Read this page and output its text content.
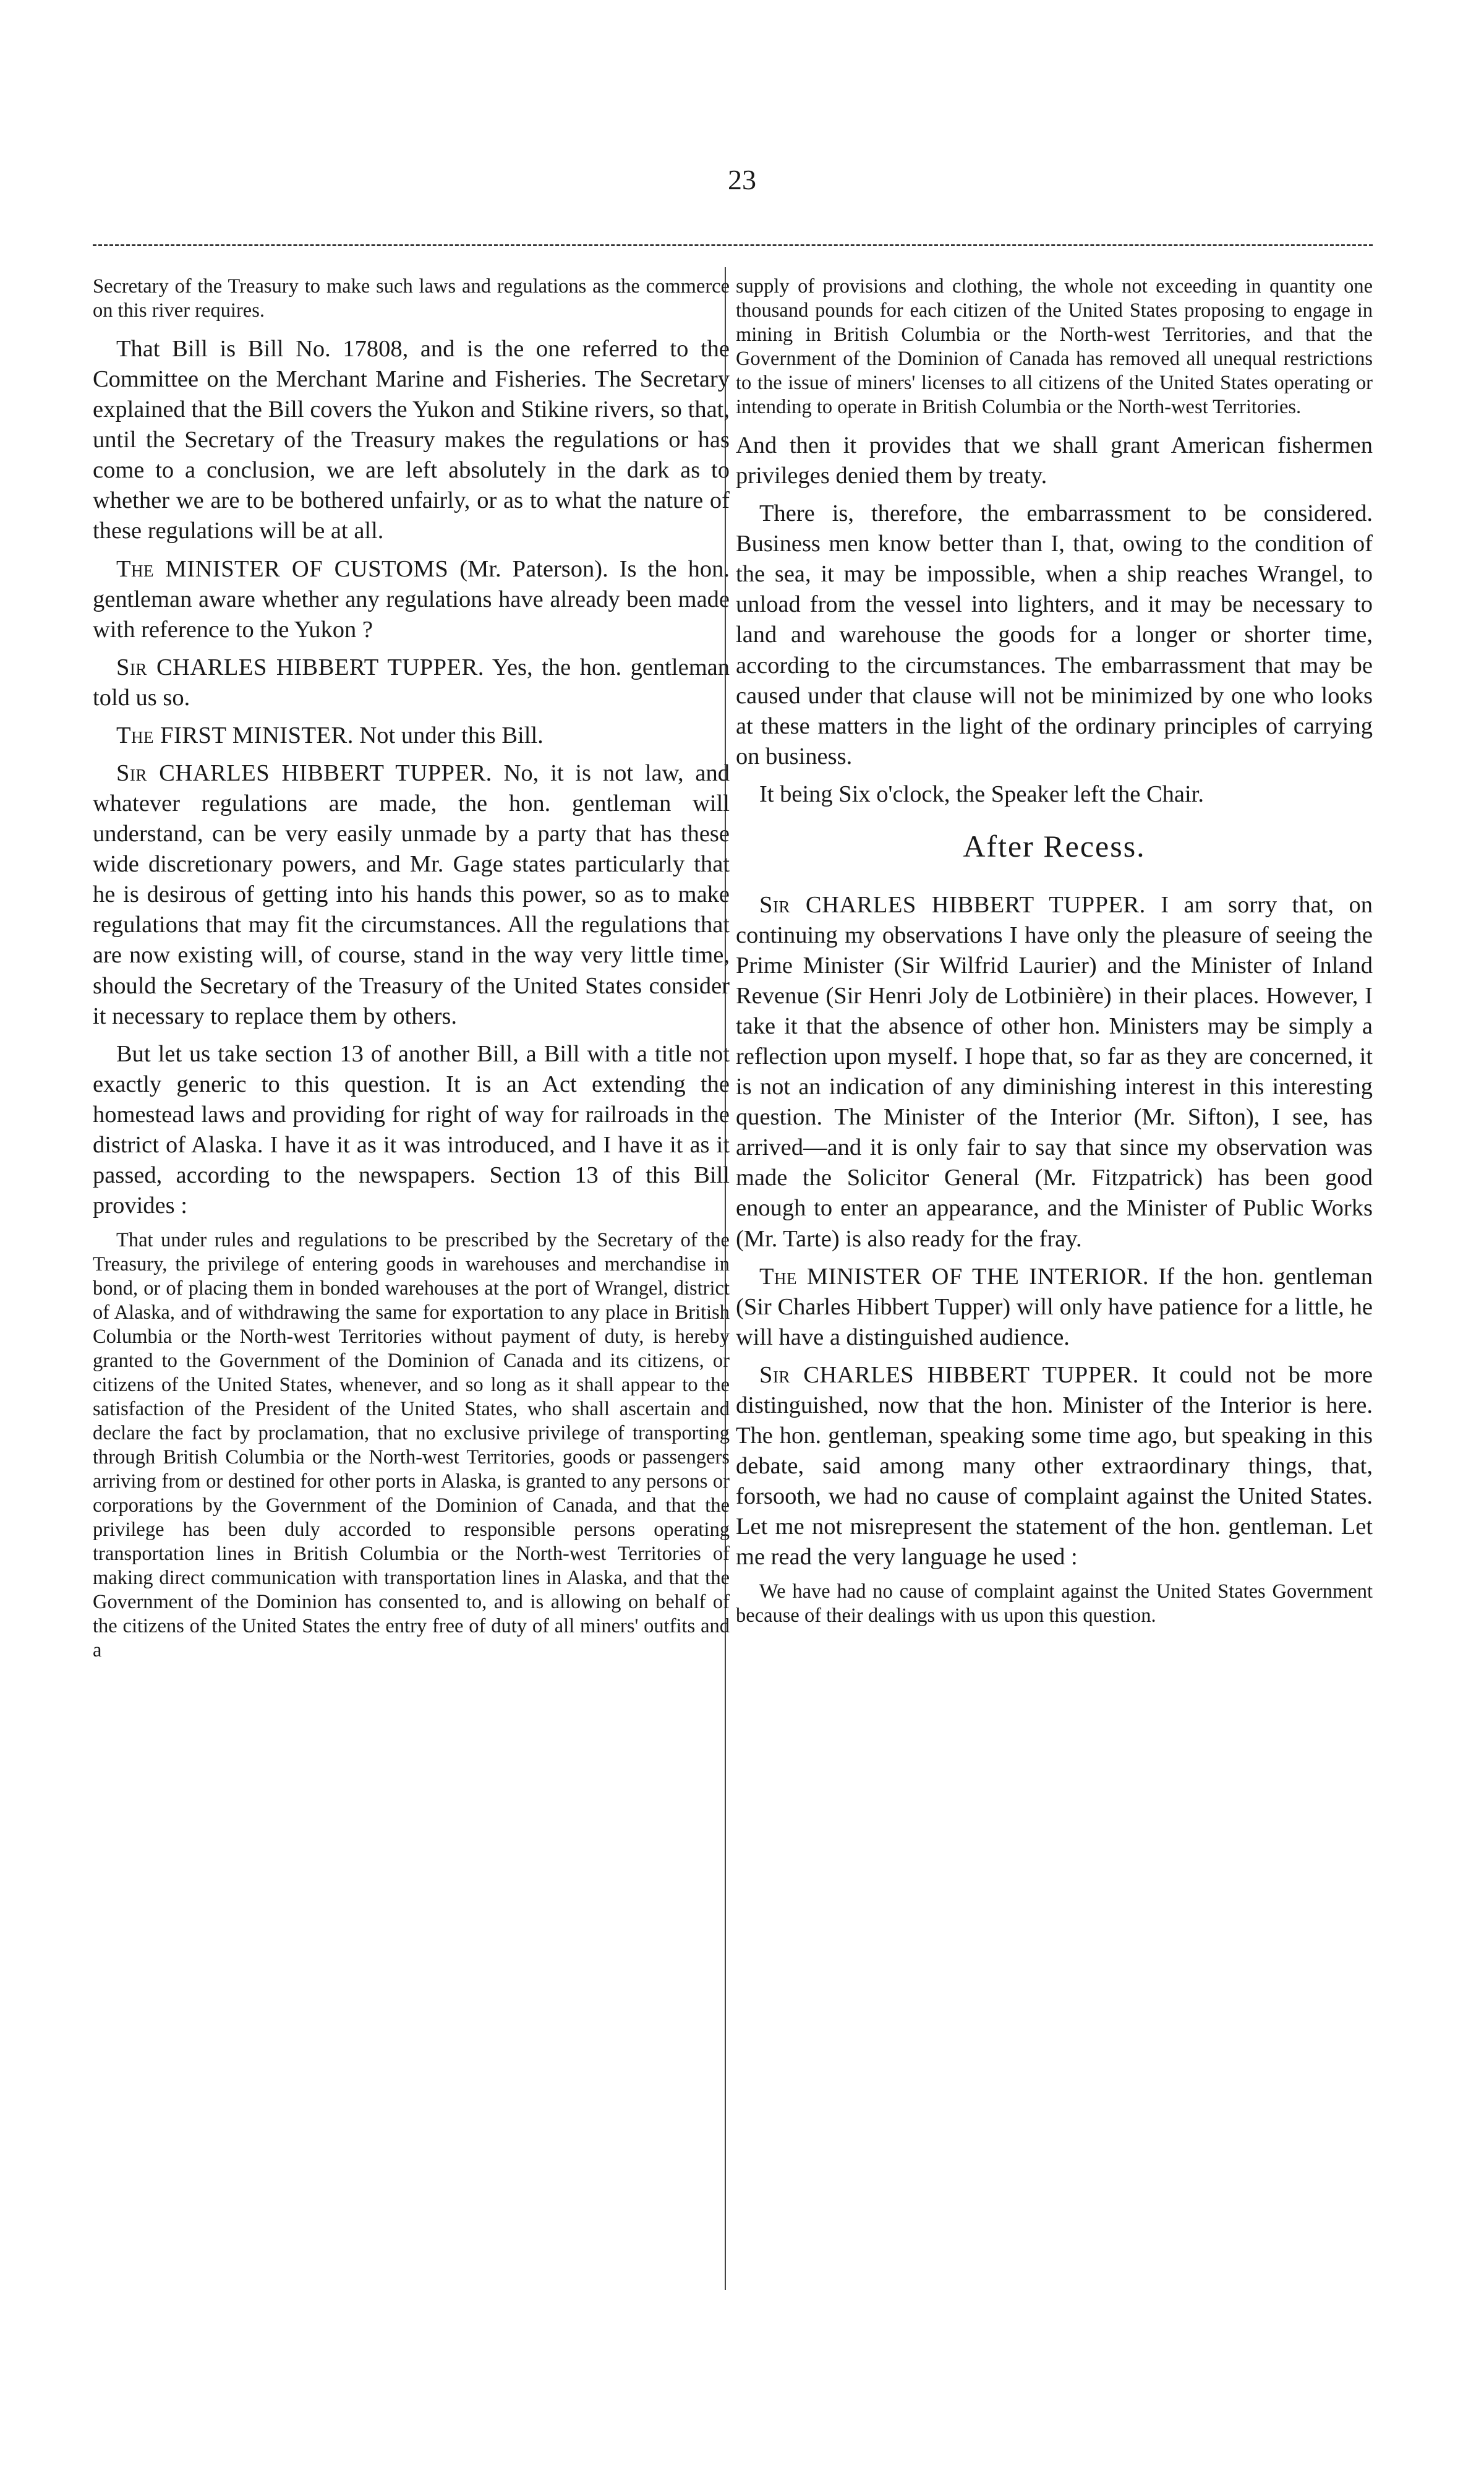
23
Secretary of the Treasury to make such laws and regulations as the commerce on this river requires.

That Bill is Bill No. 17808, and is the one referred to the Committee on the Merchant Marine and Fisheries. The Secretary explained that the Bill covers the Yukon and Stikine rivers, so that, until the Secretary of the Treasury makes the regulations or has come to a conclusion, we are left absolutely in the dark as to whether we are to be bothered unfairly, or as to what the nature of these regulations will be at all.

The MINISTER OF CUSTOMS (Mr. Paterson). Is the hon. gentleman aware whether any regulations have already been made with reference to the Yukon ?

Sir CHARLES HIBBERT TUPPER. Yes, the hon. gentleman told us so.

The FIRST MINISTER. Not under this Bill.

Sir CHARLES HIBBERT TUPPER. No, it is not law, and whatever regulations are made, the hon. gentleman will understand, can be very easily unmade by a party that has these wide discretionary powers, and Mr. Gage states particularly that he is desirous of getting into his hands this power, so as to make regulations that may fit the circumstances. All the regulations that are now existing will, of course, stand in the way very little time, should the Secretary of the Treasury of the United States consider it necessary to replace them by others.

But let us take section 13 of another Bill, a Bill with a title not exactly generic to this question. It is an Act extending the homestead laws and providing for right of way for railroads in the district of Alaska. I have it as it was introduced, and I have it as it passed, according to the newspapers. Section 13 of this Bill provides :

That under rules and regulations to be prescribed by the Secretary of the Treasury, the privilege of entering goods in warehouses and merchandise in bond, or of placing them in bonded warehouses at the port of Wrangel, district of Alaska, and of withdrawing the same for exportation to any place in British Columbia or the North-west Territories without payment of duty, is hereby granted to the Government of the Dominion of Canada and its citizens, or citizens of the United States, whenever, and so long as it shall appear to the satisfaction of the President of the United States, who shall ascertain and declare the fact by proclamation, that no exclusive privilege of transporting through British Columbia or the North-west Territories, goods or passengers arriving from or destined for other ports in Alaska, is granted to any persons or corporations by the Government of the Dominion of Canada, and that the privilege has been duly accorded to responsible persons operating transportation lines in British Columbia or the North-west Territories of making direct communication with transportation lines in Alaska, and that the Government of the Dominion has consented to, and is allowing on behalf of the citizens of the United States the entry free of duty of all miners' outfits and a
supply of provisions and clothing, the whole not exceeding in quantity one thousand pounds for each citizen of the United States proposing to engage in mining in British Columbia or the North-west Territories, and that the Government of the Dominion of Canada has removed all unequal restrictions to the issue of miners' licenses to all citizens of the United States operating or intending to operate in British Columbia or the North-west Territories.

And then it provides that we shall grant American fishermen privileges denied them by treaty.

There is, therefore, the embarrassment to be considered. Business men know better than I, that, owing to the condition of the sea, it may be impossible, when a ship reaches Wrangel, to unload from the vessel into lighters, and it may be necessary to land and warehouse the goods for a longer or shorter time, according to the circumstances. The embarrassment that may be caused under that clause will not be minimized by one who looks at these matters in the light of the ordinary principles of carrying on business.

It being Six o'clock, the Speaker left the Chair.

After Recess.

Sir CHARLES HIBBERT TUPPER. I am sorry that, on continuing my observations I have only the pleasure of seeing the Prime Minister (Sir Wilfrid Laurier) and the Minister of Inland Revenue (Sir Henri Joly de Lotbinière) in their places. However, I take it that the absence of other hon. Ministers may be simply a reflection upon myself. I hope that, so far as they are concerned, it is not an indication of any diminishing interest in this interesting question. The Minister of the Interior (Mr. Sifton), I see, has arrived—and it is only fair to say that since my observation was made the Solicitor General (Mr. Fitzpatrick) has been good enough to enter an appearance, and the Minister of Public Works (Mr. Tarte) is also ready for the fray.

The MINISTER OF THE INTERIOR. If the hon. gentleman (Sir Charles Hibbert Tupper) will only have patience for a little, he will have a distinguished audience.

Sir CHARLES HIBBERT TUPPER. It could not be more distinguished, now that the hon. Minister of the Interior is here. The hon. gentleman, speaking some time ago, but speaking in this debate, said among many other extraordinary things, that, forsooth, we had no cause of complaint against the United States. Let me not misrepresent the statement of the hon. gentleman. Let me read the very language he used :

We have had no cause of complaint against the United States Government because of their dealings with us upon this question.
